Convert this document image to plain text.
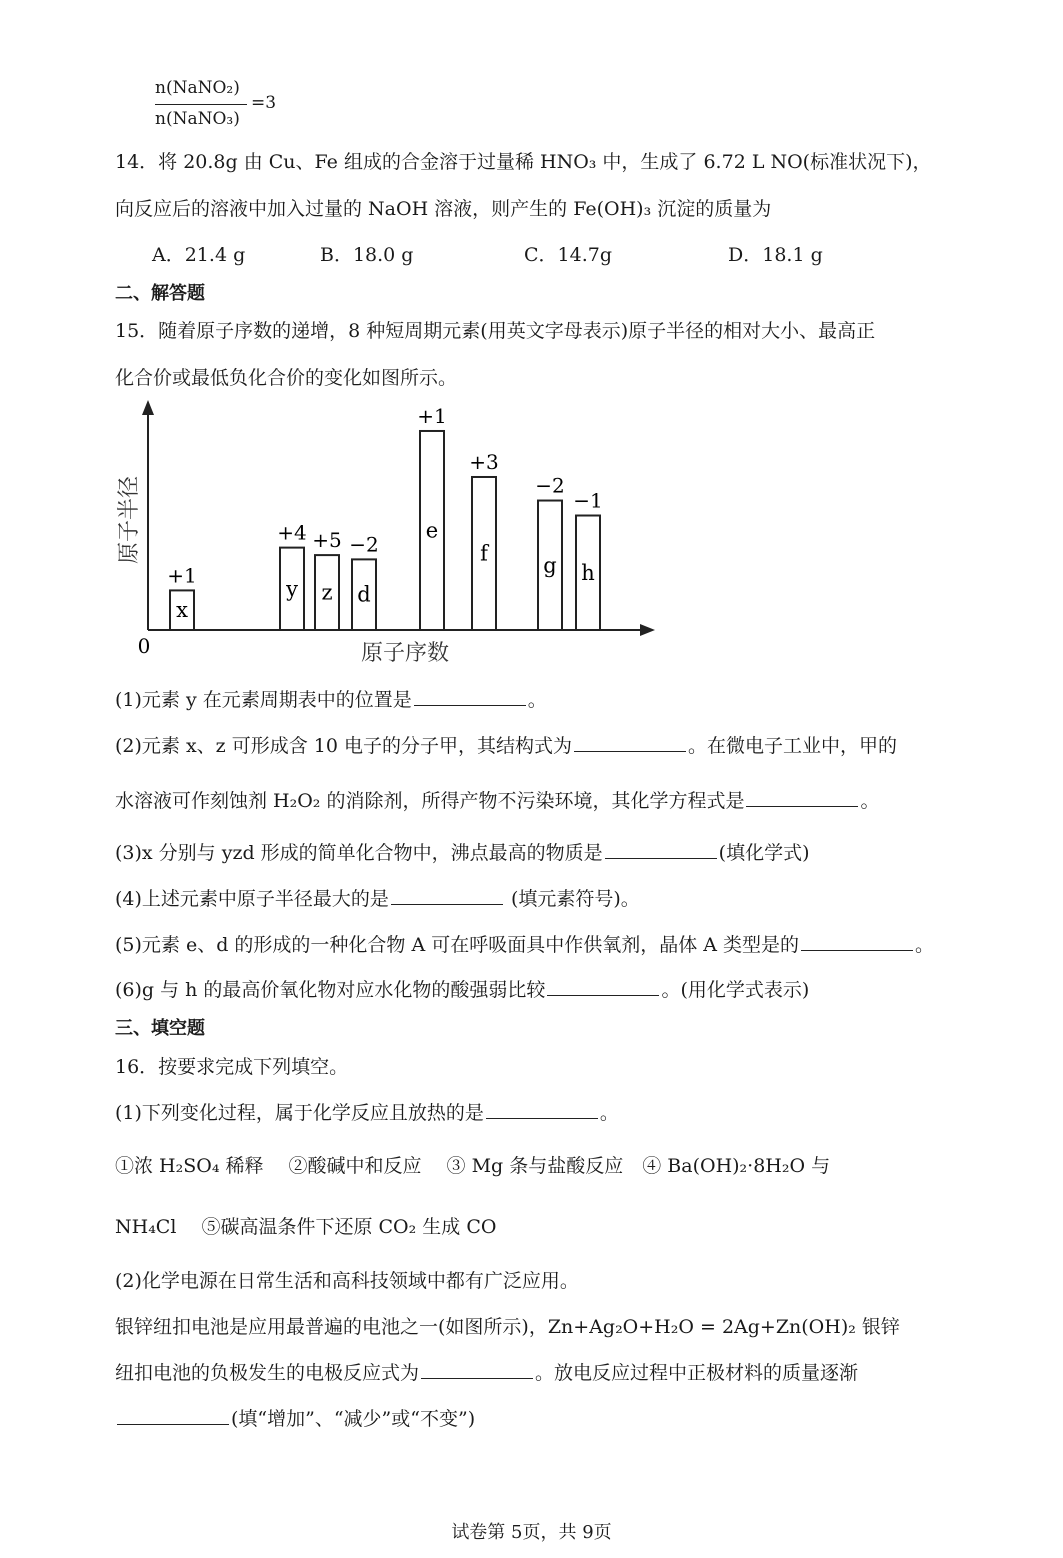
n(NaNO₂)
n(NaNO₃)
=3
14．将 20.8g 由 Cu、Fe 组成的合金溶于过量稀 HNO₃ 中，生成了 6.72 L NO(标准状况下)，
向反应后的溶液中加入过量的 NaOH 溶液，则产生的 Fe(OH)₃ 沉淀的质量为
A．21.4 g	B．18.0 g	C．14.7g	D．18.1 g
二、解答题
15．随着原子序数的递增，8 种短周期元素(用英文字母表示)原子半径的相对大小、最高正
化合价或最低负化合价的变化如图所示。
0	原子序数
原子半径
x
+1
y
+4
z
+5
d
−2
e
+1
f
+3
g
−2
h
−1
(1)元素 y 在元素周期表中的位置是	。
(2)元素 x、z 可形成含 10 电子的分子甲，其结构式为	。在微电子工业中，甲的
水溶液可作刻蚀剂 H₂O₂ 的消除剂，所得产物不污染环境，其化学方程式是	。
(3)x 分别与 yzd 形成的简单化合物中，沸点最高的物质是	(填化学式)
(4)上述元素中原子半径最大的是	(填元素符号)。
(5)元素 e、d 的形成的一种化合物 A 可在呼吸面具中作供氧剂，晶体 A 类型是的	。
(6)g 与 h 的最高价氧化物对应水化物的酸强弱比较	。(用化学式表示)
三、填空题
16．按要求完成下列填空。
(1)下列变化过程，属于化学反应且放热的是	。
①浓 H₂SO₄ 稀释　 ②酸碱中和反应　 ③ Mg 条与盐酸反应　④ Ba(OH)₂·8H₂O 与
NH₄Cl　 ⑤碳高温条件下还原 CO₂ 生成 CO
(2)化学电源在日常生活和高科技领域中都有广泛应用。
银锌纽扣电池是应用最普遍的电池之一(如图所示)，Zn+Ag₂O+H₂O = 2Ag+Zn(OH)₂ 银锌
纽扣电池的负极发生的电极反应式为	。放电反应过程中正极材料的质量逐渐
(填“增加”、“减少”或“不变”)
试卷第 5页，共 9页
